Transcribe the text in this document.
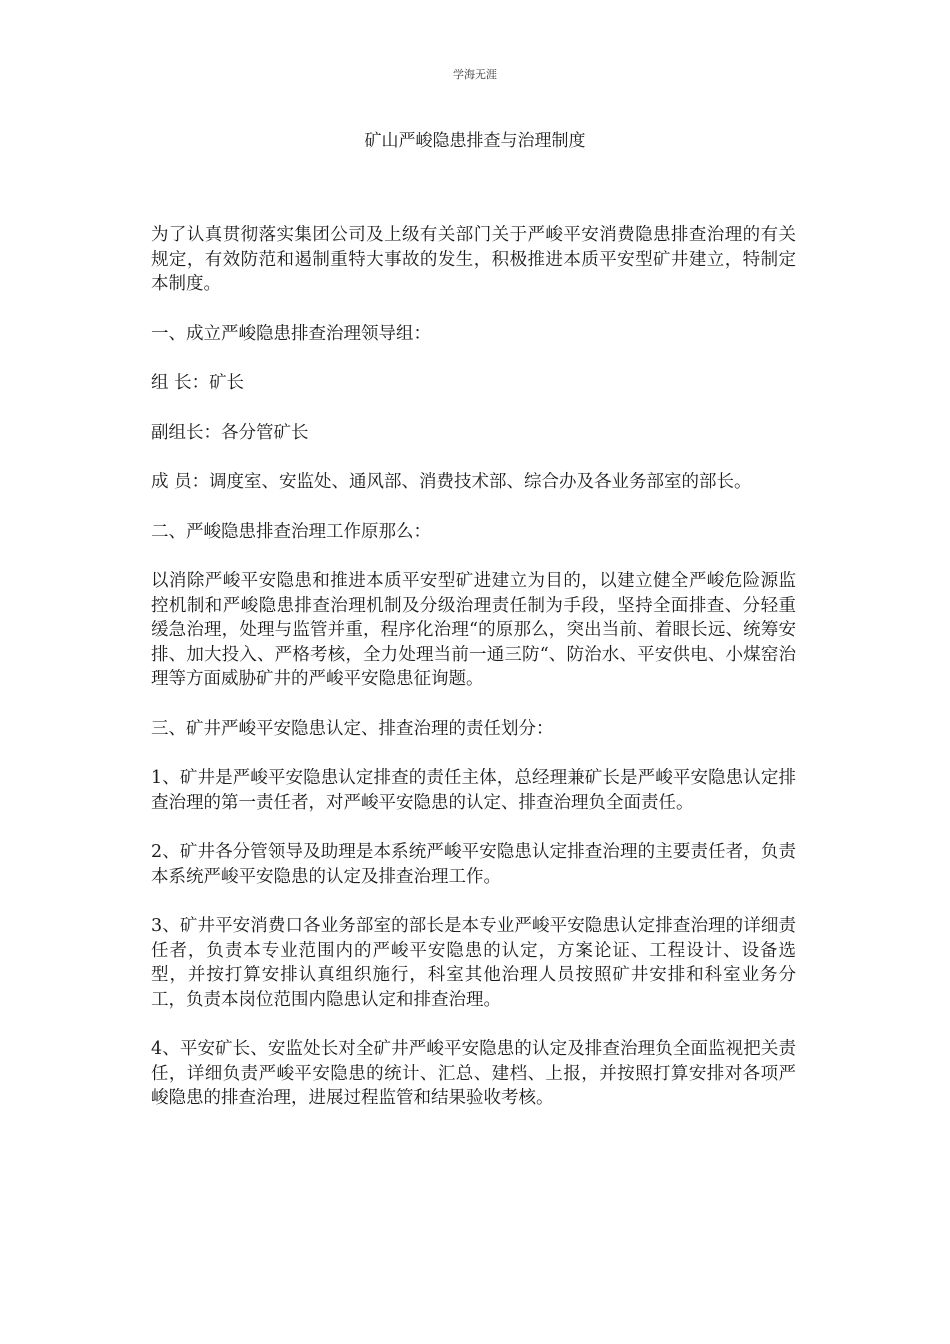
学海无涯
矿山严峻隐患排查与治理制度

为了认真贯彻落实集团公司及上级有关部门关于严峻平安消费隐患排查治理的有关规定，有效防范和遏制重特大事故的发生，积极推进本质平安型矿井建立，特制定本制度。

一、成立严峻隐患排查治理领导组：

组 长：矿长

副组长：各分管矿长

成 员：调度室、安监处、通风部、消费技术部、综合办及各业务部室的部长。

二、严峻隐患排查治理工作原那么：

以消除严峻平安隐患和推进本质平安型矿进建立为目的，以建立健全严峻危险源监控机制和严峻隐患排查治理机制及分级治理责任制为手段，坚持全面排查、分轻重缓急治理，处理与监管并重，程序化治理“的原那么，突出当前、着眼长远、统筹安排、加大投入、严格考核，全力处理当前一通三防“、防治水、平安供电、小煤窑治理等方面威胁矿井的严峻平安隐患征询题。

三、矿井严峻平安隐患认定、排查治理的责任划分：

1、矿井是严峻平安隐患认定排查的责任主体，总经理兼矿长是严峻平安隐患认定排查治理的第一责任者，对严峻平安隐患的认定、排查治理负全面责任。

2、矿井各分管领导及助理是本系统严峻平安隐患认定排查治理的主要责任者，负责本系统严峻平安隐患的认定及排查治理工作。

3、矿井平安消费口各业务部室的部长是本专业严峻平安隐患认定排查治理的详细责任者，负责本专业范围内的严峻平安隐患的认定，方案论证、工程设计、设备选型，并按打算安排认真组织施行，科室其他治理人员按照矿井安排和科室业务分工，负责本岗位范围内隐患认定和排查治理。

4、平安矿长、安监处长对全矿井严峻平安隐患的认定及排查治理负全面监视把关责任，详细负责严峻平安隐患的统计、汇总、建档、上报，并按照打算安排对各项严峻隐患的排查治理，进展过程监管和结果验收考核。
